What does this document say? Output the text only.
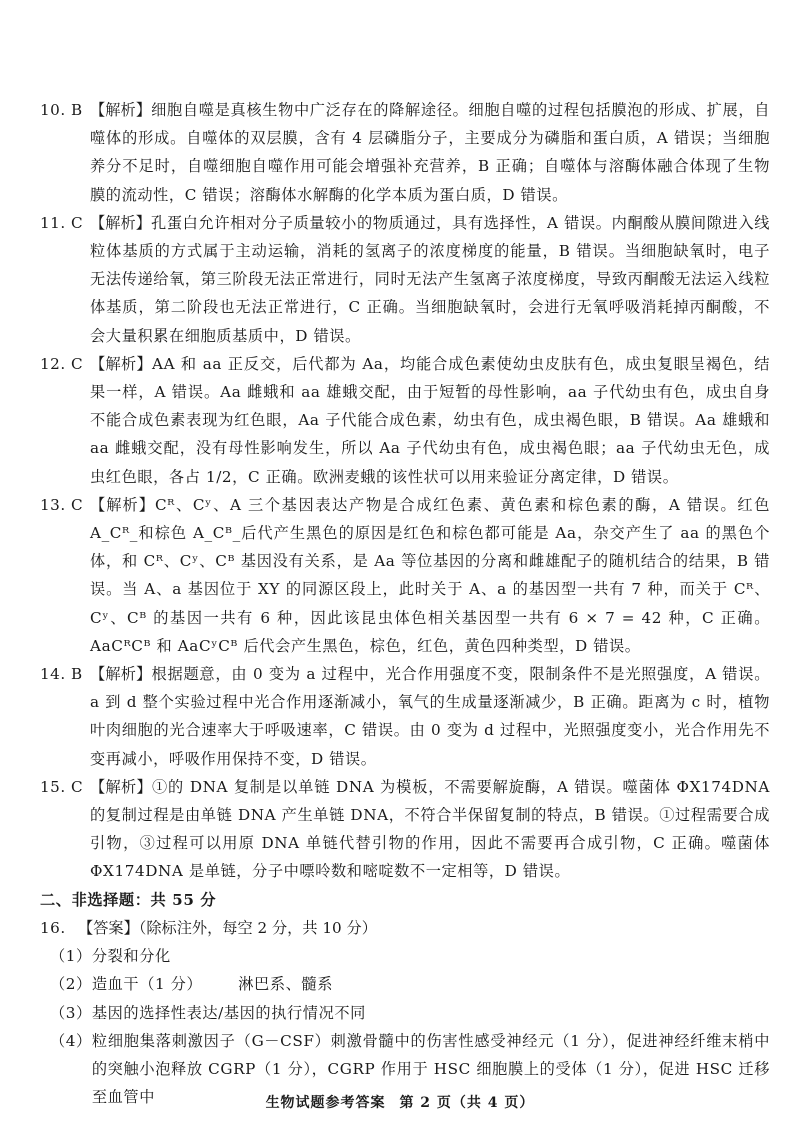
10. B 【解析】细胞自噬是真核生物中广泛存在的降解途径。细胞自噬的过程包括膜泡的形成、扩展，自噬体的形成。自噬体的双层膜，含有 4 层磷脂分子，主要成分为磷脂和蛋白质，A 错误；当细胞养分不足时，自噬细胞自噬作用可能会增强补充营养，B 正确；自噬体与溶酶体融合体现了生物膜的流动性，C 错误；溶酶体水解酶的化学本质为蛋白质，D 错误。
11. C 【解析】孔蛋白允许相对分子质量较小的物质通过，具有选择性，A 错误。内酮酸从膜间隙进入线粒体基质的方式属于主动运输，消耗的氢离子的浓度梯度的能量，B 错误。当细胞缺氧时，电子无法传递给氧，第三阶段无法正常进行，同时无法产生氢离子浓度梯度，导致丙酮酸无法运入线粒体基质，第二阶段也无法正常进行，C 正确。当细胞缺氧时，会进行无氧呼吸消耗掉丙酮酸，不会大量积累在细胞质基质中，D 错误。
12. C 【解析】AA 和 aa 正反交，后代都为 Aa，均能合成色素使幼虫皮肤有色，成虫复眼呈褐色，结果一样，A 错误。Aa 雌蛾和 aa 雄蛾交配，由于短暂的母性影响，aa 子代幼虫有色，成虫自身不能合成色素表现为红色眼，Aa 子代能合成色素，幼虫有色，成虫褐色眼，B 错误。Aa 雄蛾和 aa 雌蛾交配，没有母性影响发生，所以 Aa 子代幼虫有色，成虫褐色眼；aa 子代幼虫无色，成虫红色眼，各占 1/2，C 正确。欧洲麦蛾的该性状可以用来验证分离定律，D 错误。
13. C 【解析】Cᴿ、Cʸ、A 三个基因表达产物是合成红色素、黄色素和棕色素的酶，A 错误。红色 A_Cᴿ_和棕色 A_Cᴮ_后代产生黑色的原因是红色和棕色都可能是 Aa，杂交产生了 aa 的黑色个体，和 Cᴿ、Cʸ、Cᴮ 基因没有关系，是 Aa 等位基因的分离和雌雄配子的随机结合的结果，B 错误。当 A、a 基因位于 XY 的同源区段上，此时关于 A、a 的基因型一共有 7 种，而关于 Cᴿ、Cʸ、Cᴮ 的基因一共有 6 种，因此该昆虫体色相关基因型一共有 6 × 7 = 42 种，C 正确。AaCᴿCᴮ 和 AaCʸCᴮ 后代会产生黑色，棕色，红色，黄色四种类型，D 错误。
14. B 【解析】根据题意，由 0 变为 a 过程中，光合作用强度不变，限制条件不是光照强度，A 错误。a 到 d 整个实验过程中光合作用逐渐减小，氧气的生成量逐渐减少，B 正确。距离为 c 时，植物叶肉细胞的光合速率大于呼吸速率，C 错误。由 0 变为 d 过程中，光照强度变小，光合作用先不变再减小，呼吸作用保持不变，D 错误。
15. C 【解析】①的 DNA 复制是以单链 DNA 为模板，不需要解旋酶，A 错误。噬菌体 ΦX174DNA 的复制过程是由单链 DNA 产生单链 DNA，不符合半保留复制的特点，B 错误。①过程需要合成引物，③过程可以用原 DNA 单链代替引物的作用，因此不需要再合成引物，C 正确。噬菌体 ΦX174DNA 是单链，分子中嘌呤数和嘧啶数不一定相等，D 错误。
二、非选择题：共 55 分
16. 【答案】（除标注外，每空 2 分，共 10 分）
（1） 分裂和分化
（2） 造血干（1 分） 淋巴系、髓系
（3） 基因的选择性表达/基因的执行情况不同
（4） 粒细胞集落刺激因子（G－CSF）刺激骨髓中的伤害性感受神经元（1 分），促进神经纤维末梢中的突触小泡释放 CGRP（1 分），CGRP 作用于 HSC 细胞膜上的受体（1 分），促进 HSC 迁移至血管中	生物试题参考答案 第 2 页（共 4 页）
